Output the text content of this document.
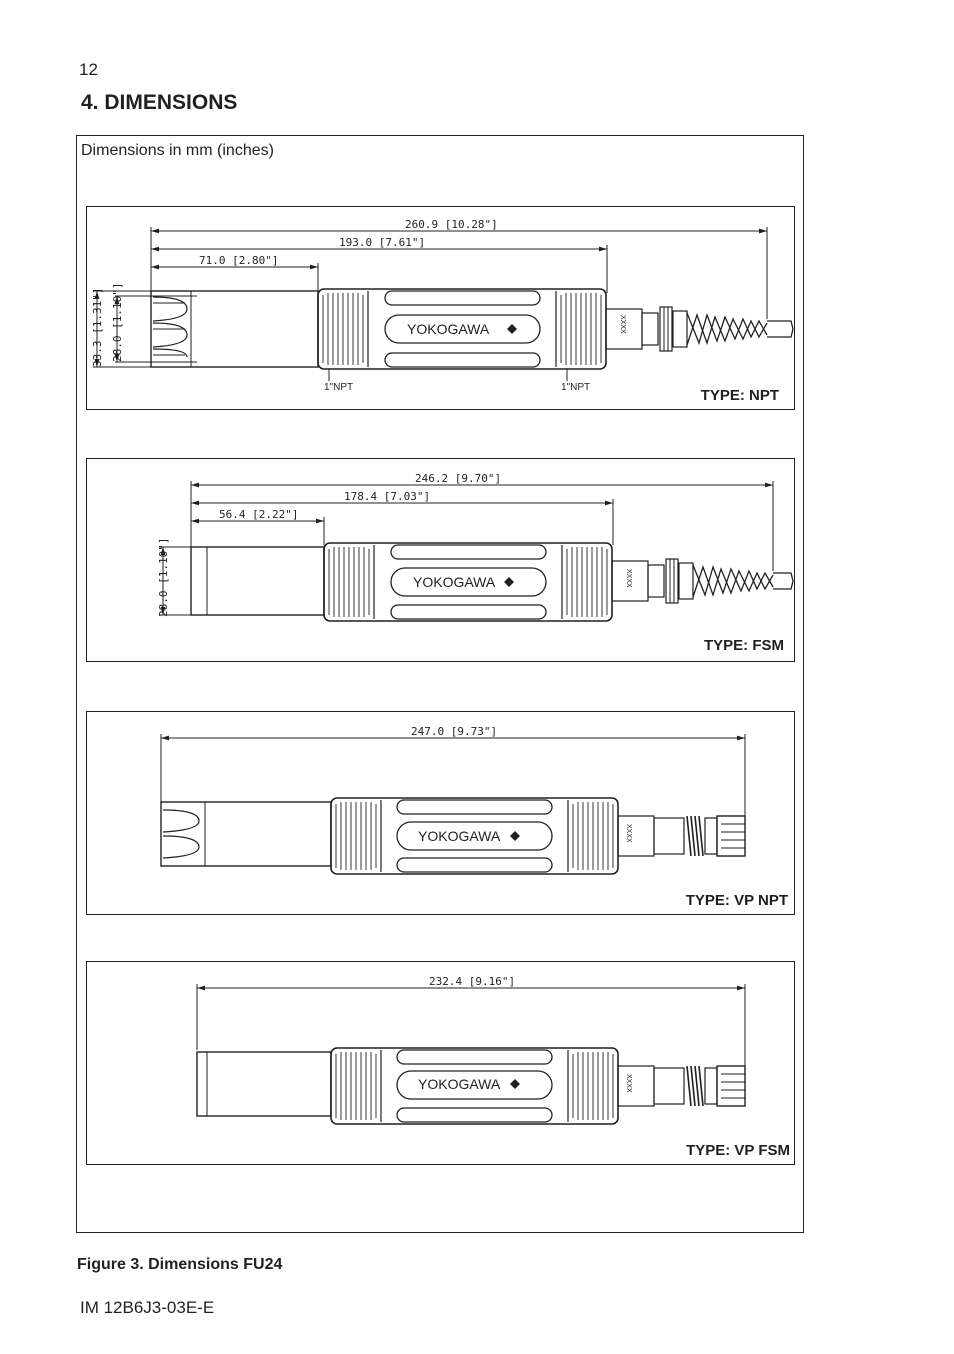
12
4. DIMENSIONS
Dimensions in mm (inches)
YOKOGAWA	XXXX
260.9 [10.28"]
193.0 [7.61"]
71.0 [2.80"]
33.3 [1.31"] 28.0 [1.10"]
1"NPT	1"NPT	TYPE: NPT
YOKOGAWA	XXXX
246.2 [9.70"]
178.4 [7.03"]
56.4 [2.22"]
28.0 [1.10"]
TYPE: FSM
YOKOGAWA	XXXX
247.0 [9.73"]
TYPE: VP NPT
YOKOGAWA	XXXX
232.4 [9.16"]
TYPE: VP FSM
Figure 3. Dimensions FU24
IM 12B6J3-03E-E
